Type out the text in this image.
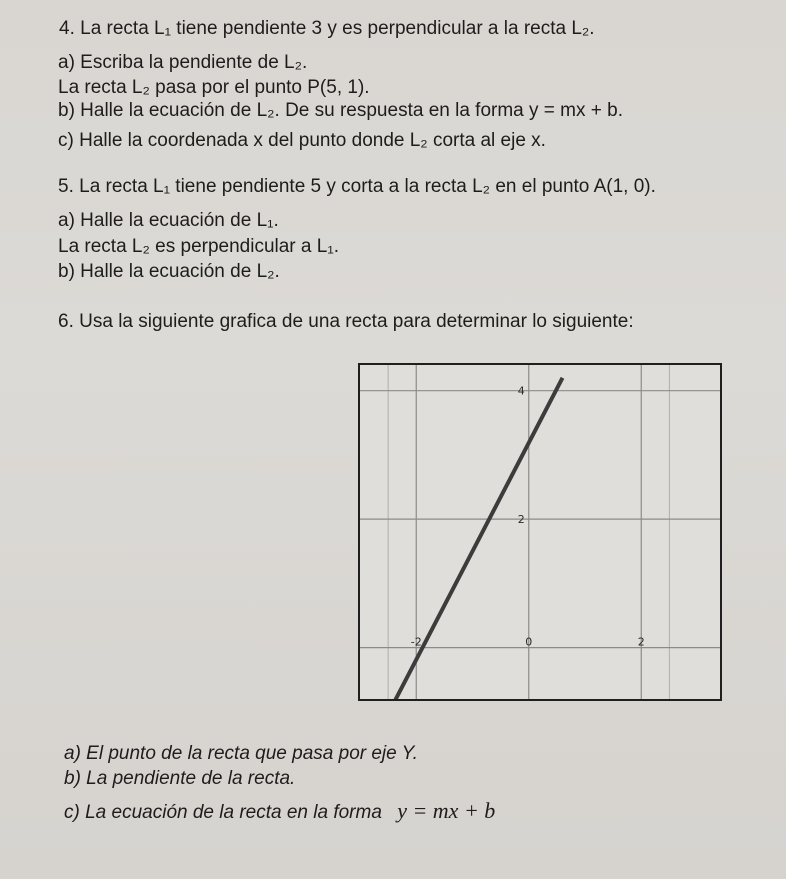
4. La recta L₁ tiene pendiente 3 y es perpendicular a la recta L₂.
a) Escriba la pendiente de L₂.
La recta L₂ pasa por el punto P(5, 1).
b) Halle la ecuación de L₂. De su respuesta en la forma y = mx + b.
c) Halle la coordenada x del punto donde L₂ corta al eje x.
5. La recta L₁ tiene pendiente 5 y corta a la recta L₂ en el punto A(1, 0).
a) Halle la ecuación de L₁.
La recta L₂ es perpendicular a L₁.
b) Halle la ecuación de L₂.
6. Usa la siguiente grafica de una recta para determinar lo siguiente:
-2	0	2
2
4
a) El punto de la recta que pasa por eje Y.
b) La pendiente de la recta.
c) La ecuación de la recta en la forma y = mx + b
